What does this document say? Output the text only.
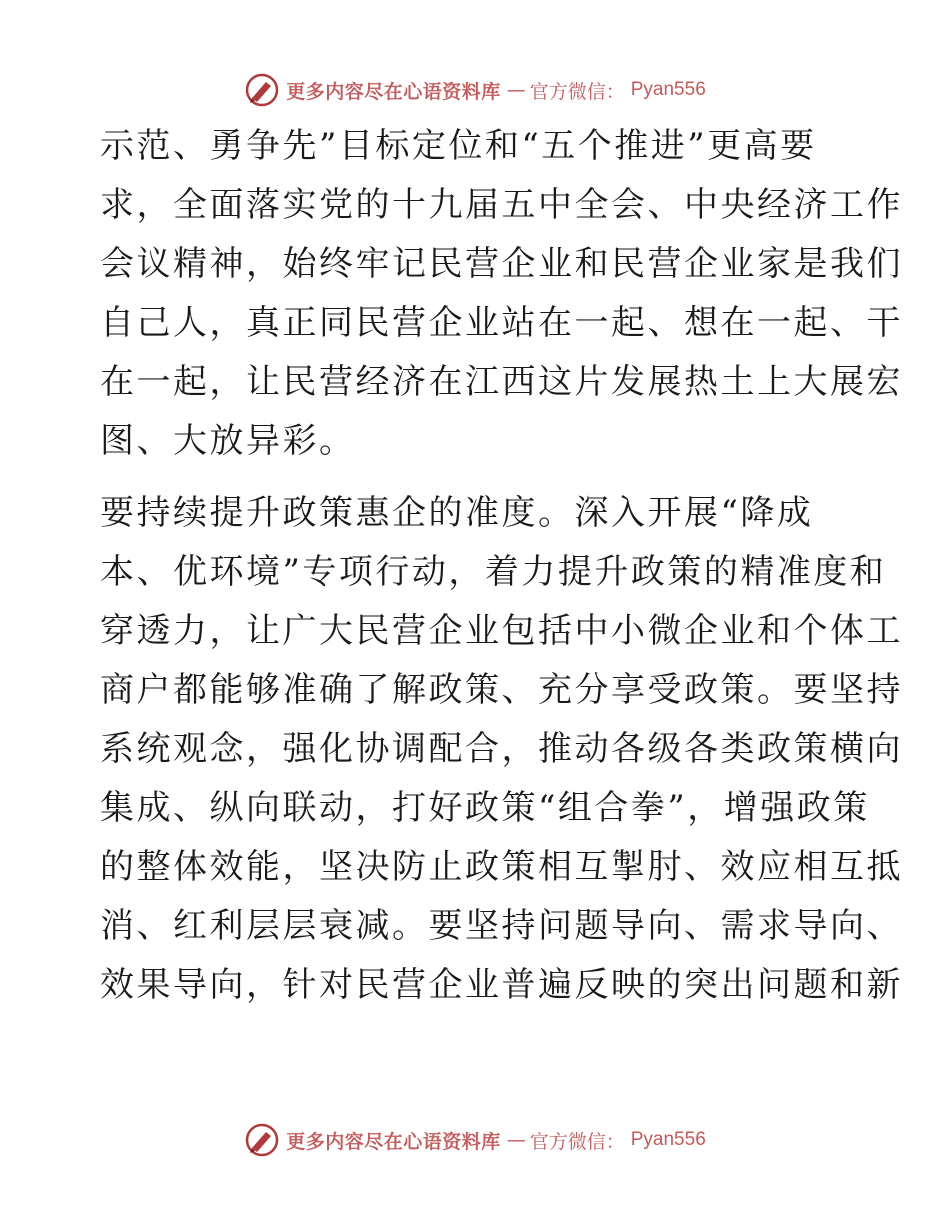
更多内容尽在心语资料库 — 官方微信： Pyan556
示范、勇争先”目标定位和“五个推进”更高要
求，全面落实党的十九届五中全会、中央经济工作
会议精神，始终牢记民营企业和民营企业家是我们
自己人，真正同民营企业站在一起、想在一起、干
在一起，让民营经济在江西这片发展热土上大展宏
图、大放异彩。
要持续提升政策惠企的准度。深入开展“降成
本、优环境”专项行动，着力提升政策的精准度和
穿透力，让广大民营企业包括中小微企业和个体工
商户都能够准确了解政策、充分享受政策。要坚持
系统观念，强化协调配合，推动各级各类政策横向
集成、纵向联动，打好政策“组合拳”，增强政策
的整体效能，坚决防止政策相互掣肘、效应相互抵
消、红利层层衰减。要坚持问题导向、需求导向、
效果导向，针对民营企业普遍反映的突出问题和新
更多内容尽在心语资料库 — 官方微信： Pyan556
